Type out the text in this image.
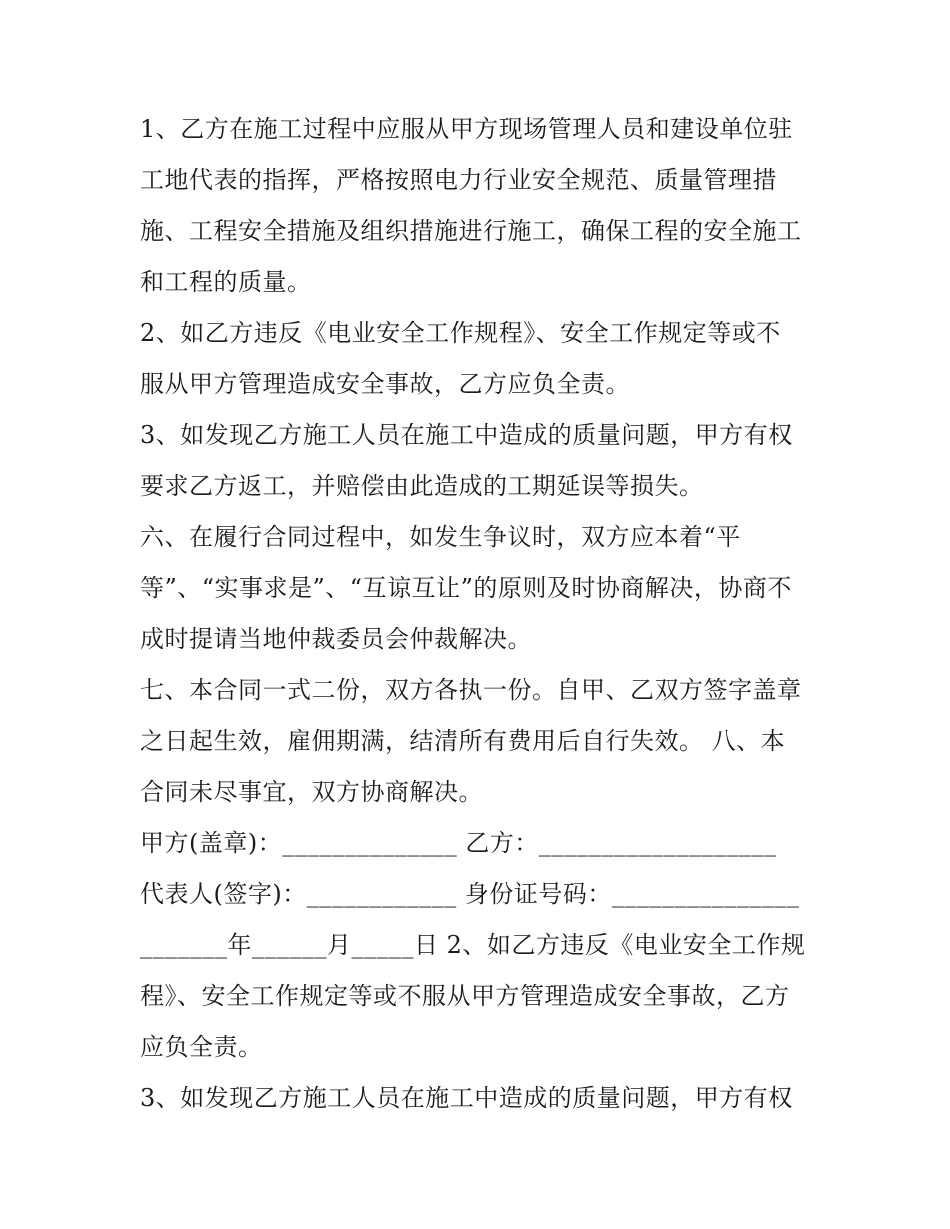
1、乙方在施工过程中应服从甲方现场管理人员和建设单位驻
工地代表的指挥，严格按照电力行业安全规范、质量管理措
施、工程安全措施及组织措施进行施工，确保工程的安全施工
和工程的质量。
2、如乙方违反《电业安全工作规程》、安全工作规定等或不
服从甲方管理造成安全事故，乙方应负全责。
3、如发现乙方施工人员在施工中造成的质量问题，甲方有权
要求乙方返工，并赔偿由此造成的工期延误等损失。
六、在履行合同过程中，如发生争议时，双方应本着“平
等”、“实事求是”、“互谅互让”的原则及时协商解决，协商不
成时提请当地仲裁委员会仲裁解决。
七、本合同一式二份，双方各执一份。自甲、乙双方签字盖章
之日起生效，雇佣期满，结清所有费用后自行失效。 八、本
合同未尽事宜，双方协商解决。
甲方(盖章)：______________ 乙方：___________________
代表人(签字)：____________ 身份证号码：_______________
_______年______月_____日 2、如乙方违反《电业安全工作规
程》、安全工作规定等或不服从甲方管理造成安全事故，乙方
应负全责。
3、如发现乙方施工人员在施工中造成的质量问题，甲方有权
